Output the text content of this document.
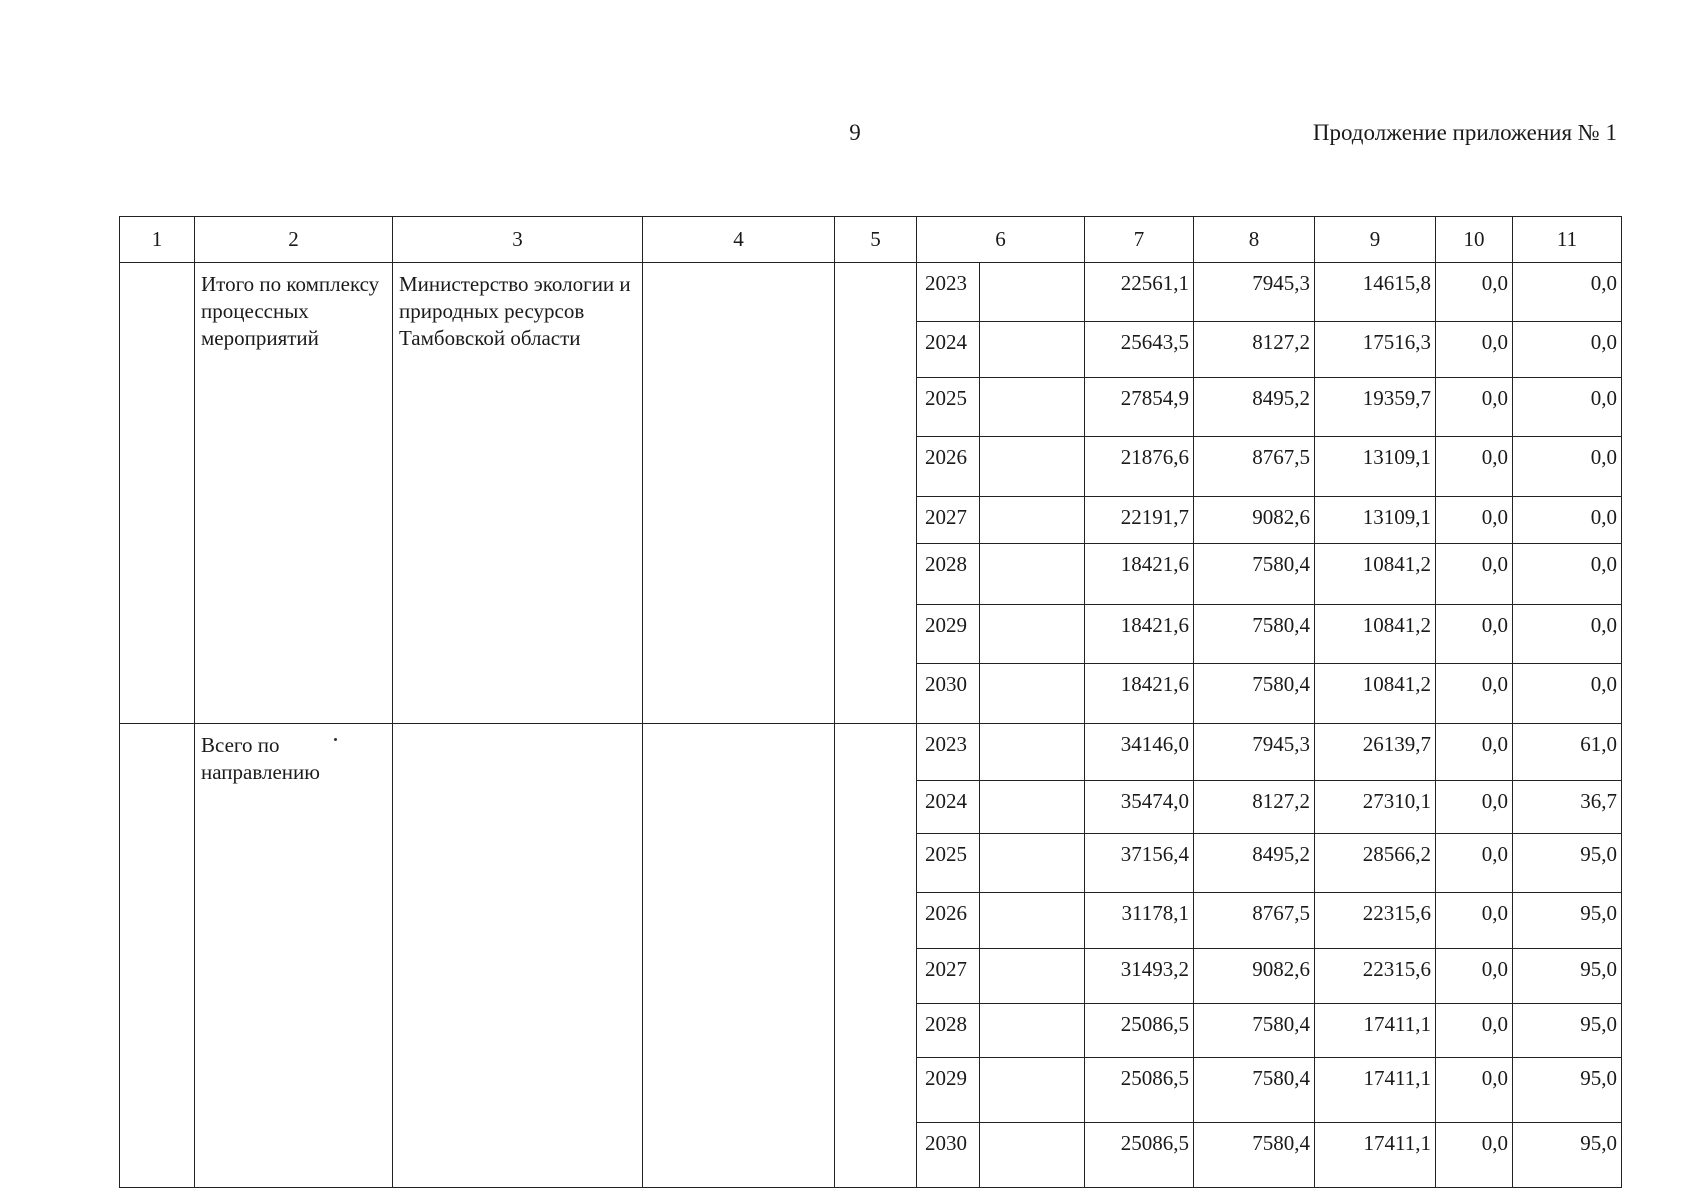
9	Продолжение приложения № 1
1	2	3	4	5	6		7	8	9	10	11
	Итого по комплексу процессных мероприятий	Министерство экологии и природных ресурсов Тамбовской области			2023		22561,1	7945,3	14615,8	0,0	0,0
					2024		25643,5	8127,2	17516,3	0,0	0,0
					2025		27854,9	8495,2	19359,7	0,0	0,0
					2026		21876,6	8767,5	13109,1	0,0	0,0
					2027		22191,7	9082,6	13109,1	0,0	0,0
					2028		18421,6	7580,4	10841,2	0,0	0,0
					2029		18421,6	7580,4	10841,2	0,0	0,0
					2030		18421,6	7580,4	10841,2	0,0	0,0
	Всего по направлению				2023		34146,0	7945,3	26139,7	0,0	61,0
					2024		35474,0	8127,2	27310,1	0,0	36,7
					2025		37156,4	8495,2	28566,2	0,0	95,0
					2026		31178,1	8767,5	22315,6	0,0	95,0
					2027		31493,2	9082,6	22315,6	0,0	95,0
					2028		25086,5	7580,4	17411,1	0,0	95,0
					2029		25086,5	7580,4	17411,1	0,0	95,0
					2030		25086,5	7580,4	17411,1	0,0	95,0
